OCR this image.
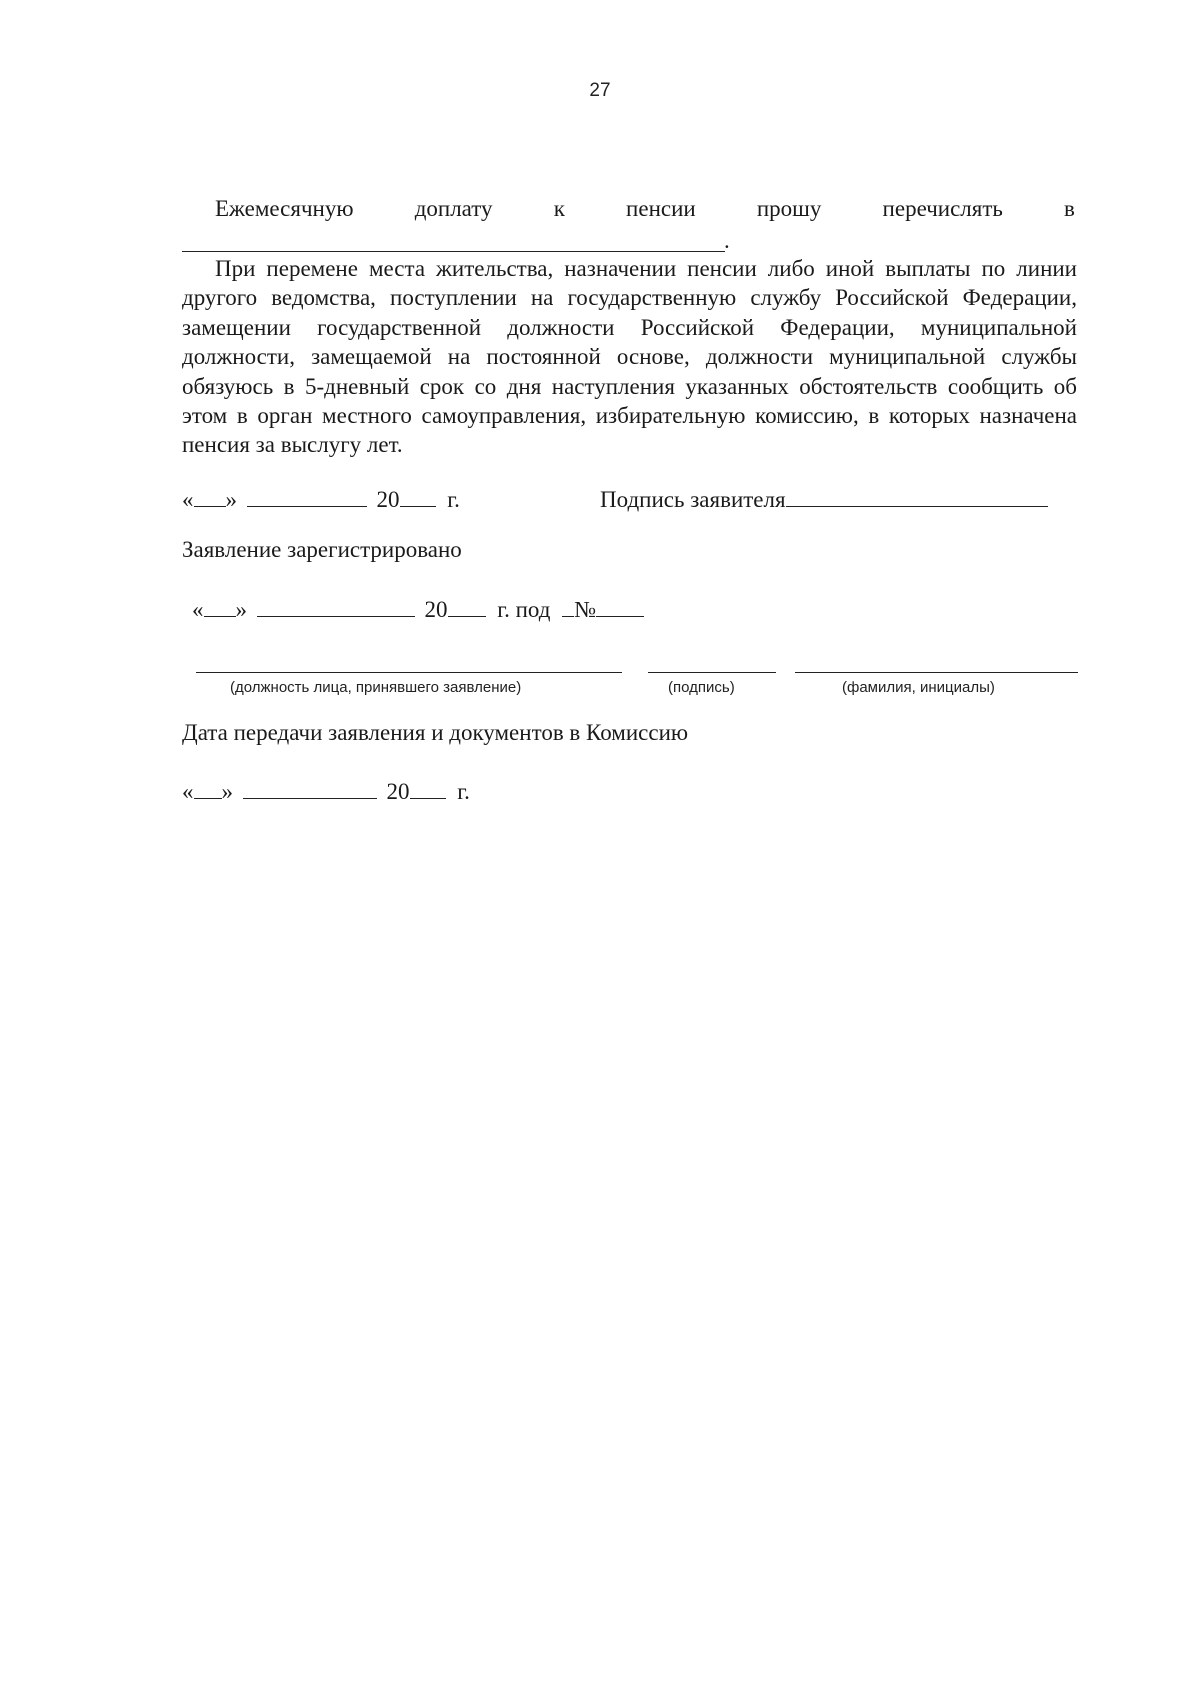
27
Ежемесячную	доплату	к	пенсии	прошу	перечислять	в
.
При перемене места жительства, назначении пенсии либо иной выплаты по линии другого ведомства, поступлении на государственную службу Российской Федерации, замещении государственной должности Российской Федерации, муниципальной должности, замещаемой на постоянной основе, должности муниципальной службы обязуюсь в 5-дневный срок со дня наступления указанных обстоятельств сообщить об этом в орган местного самоуправления, избирательную комиссию, в которых назначена пенсия за выслугу лет.
« »	20 г.	Подпись заявителя
Заявление зарегистрировано
« »	20 г. под №
(должность лица, принявшего заявление)	(подпись)	(фамилия, инициалы)
Дата передачи заявления и документов в Комиссию
« »	20 г.
